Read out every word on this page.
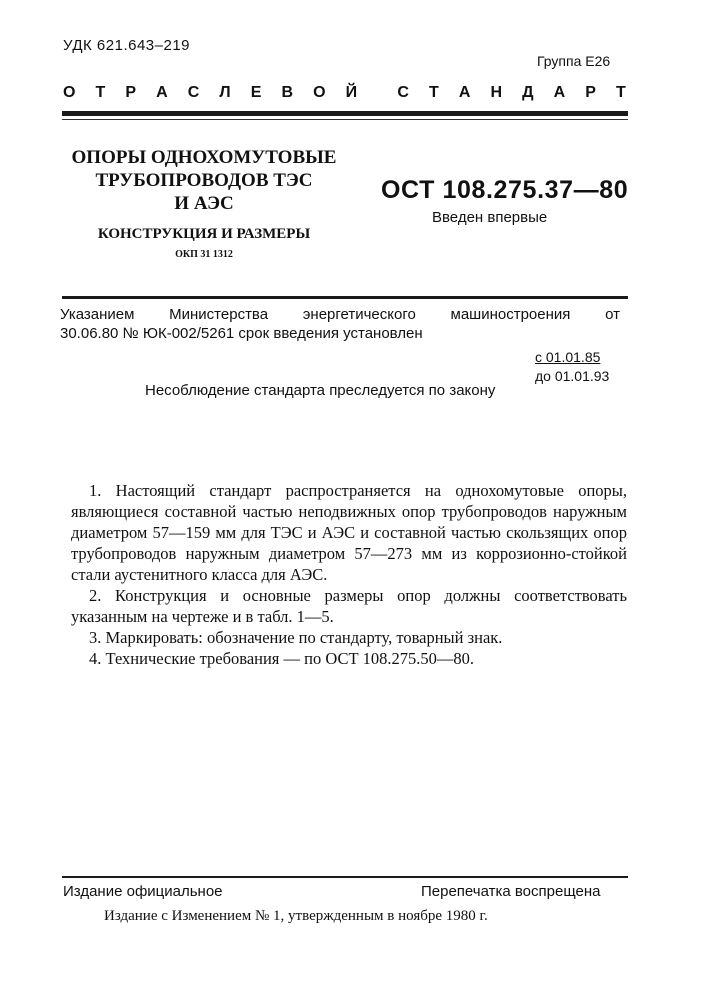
УДК 621.643–219
Группа Е26
О Т Р А С Л Е В О Й	С Т А Н Д А Р Т
ОПОРЫ ОДНОХОМУТОВЫЕ
ТРУБОПРОВОДОВ ТЭС
И АЭС
КОНСТРУКЦИЯ И РАЗМЕРЫ
ОКП 31 1312
ОСТ 108.275.37—80
Введен впервые
Указанием Министерства энергетического машиностроения от
30.06.80 № ЮК-002/5261 срок введения установлен
с 01.01.85
до 01.01.93
Несоблюдение стандарта преследуется по закону

1. Настоящий стандарт распространяется на однохомутовые опоры, являющиеся составной частью неподвижных опор трубопроводов наружным диаметром 57—159 мм для ТЭС и АЭС и составной частью скользящих опор трубопроводов наружным диаметром 57—273 мм из коррозионно-стойкой стали аустенитного класса для АЭС.

2. Конструкция и основные размеры опор должны соответствовать указанным на чертеже и в табл. 1—5.

3. Маркировать: обозначение по стандарту, товарный знак.

4. Технические требования — по ОСТ 108.275.50—80.

Издание официальное	Перепечатка воспрещена
Издание с Изменением № 1, утвержденным в ноябре 1980 г.
